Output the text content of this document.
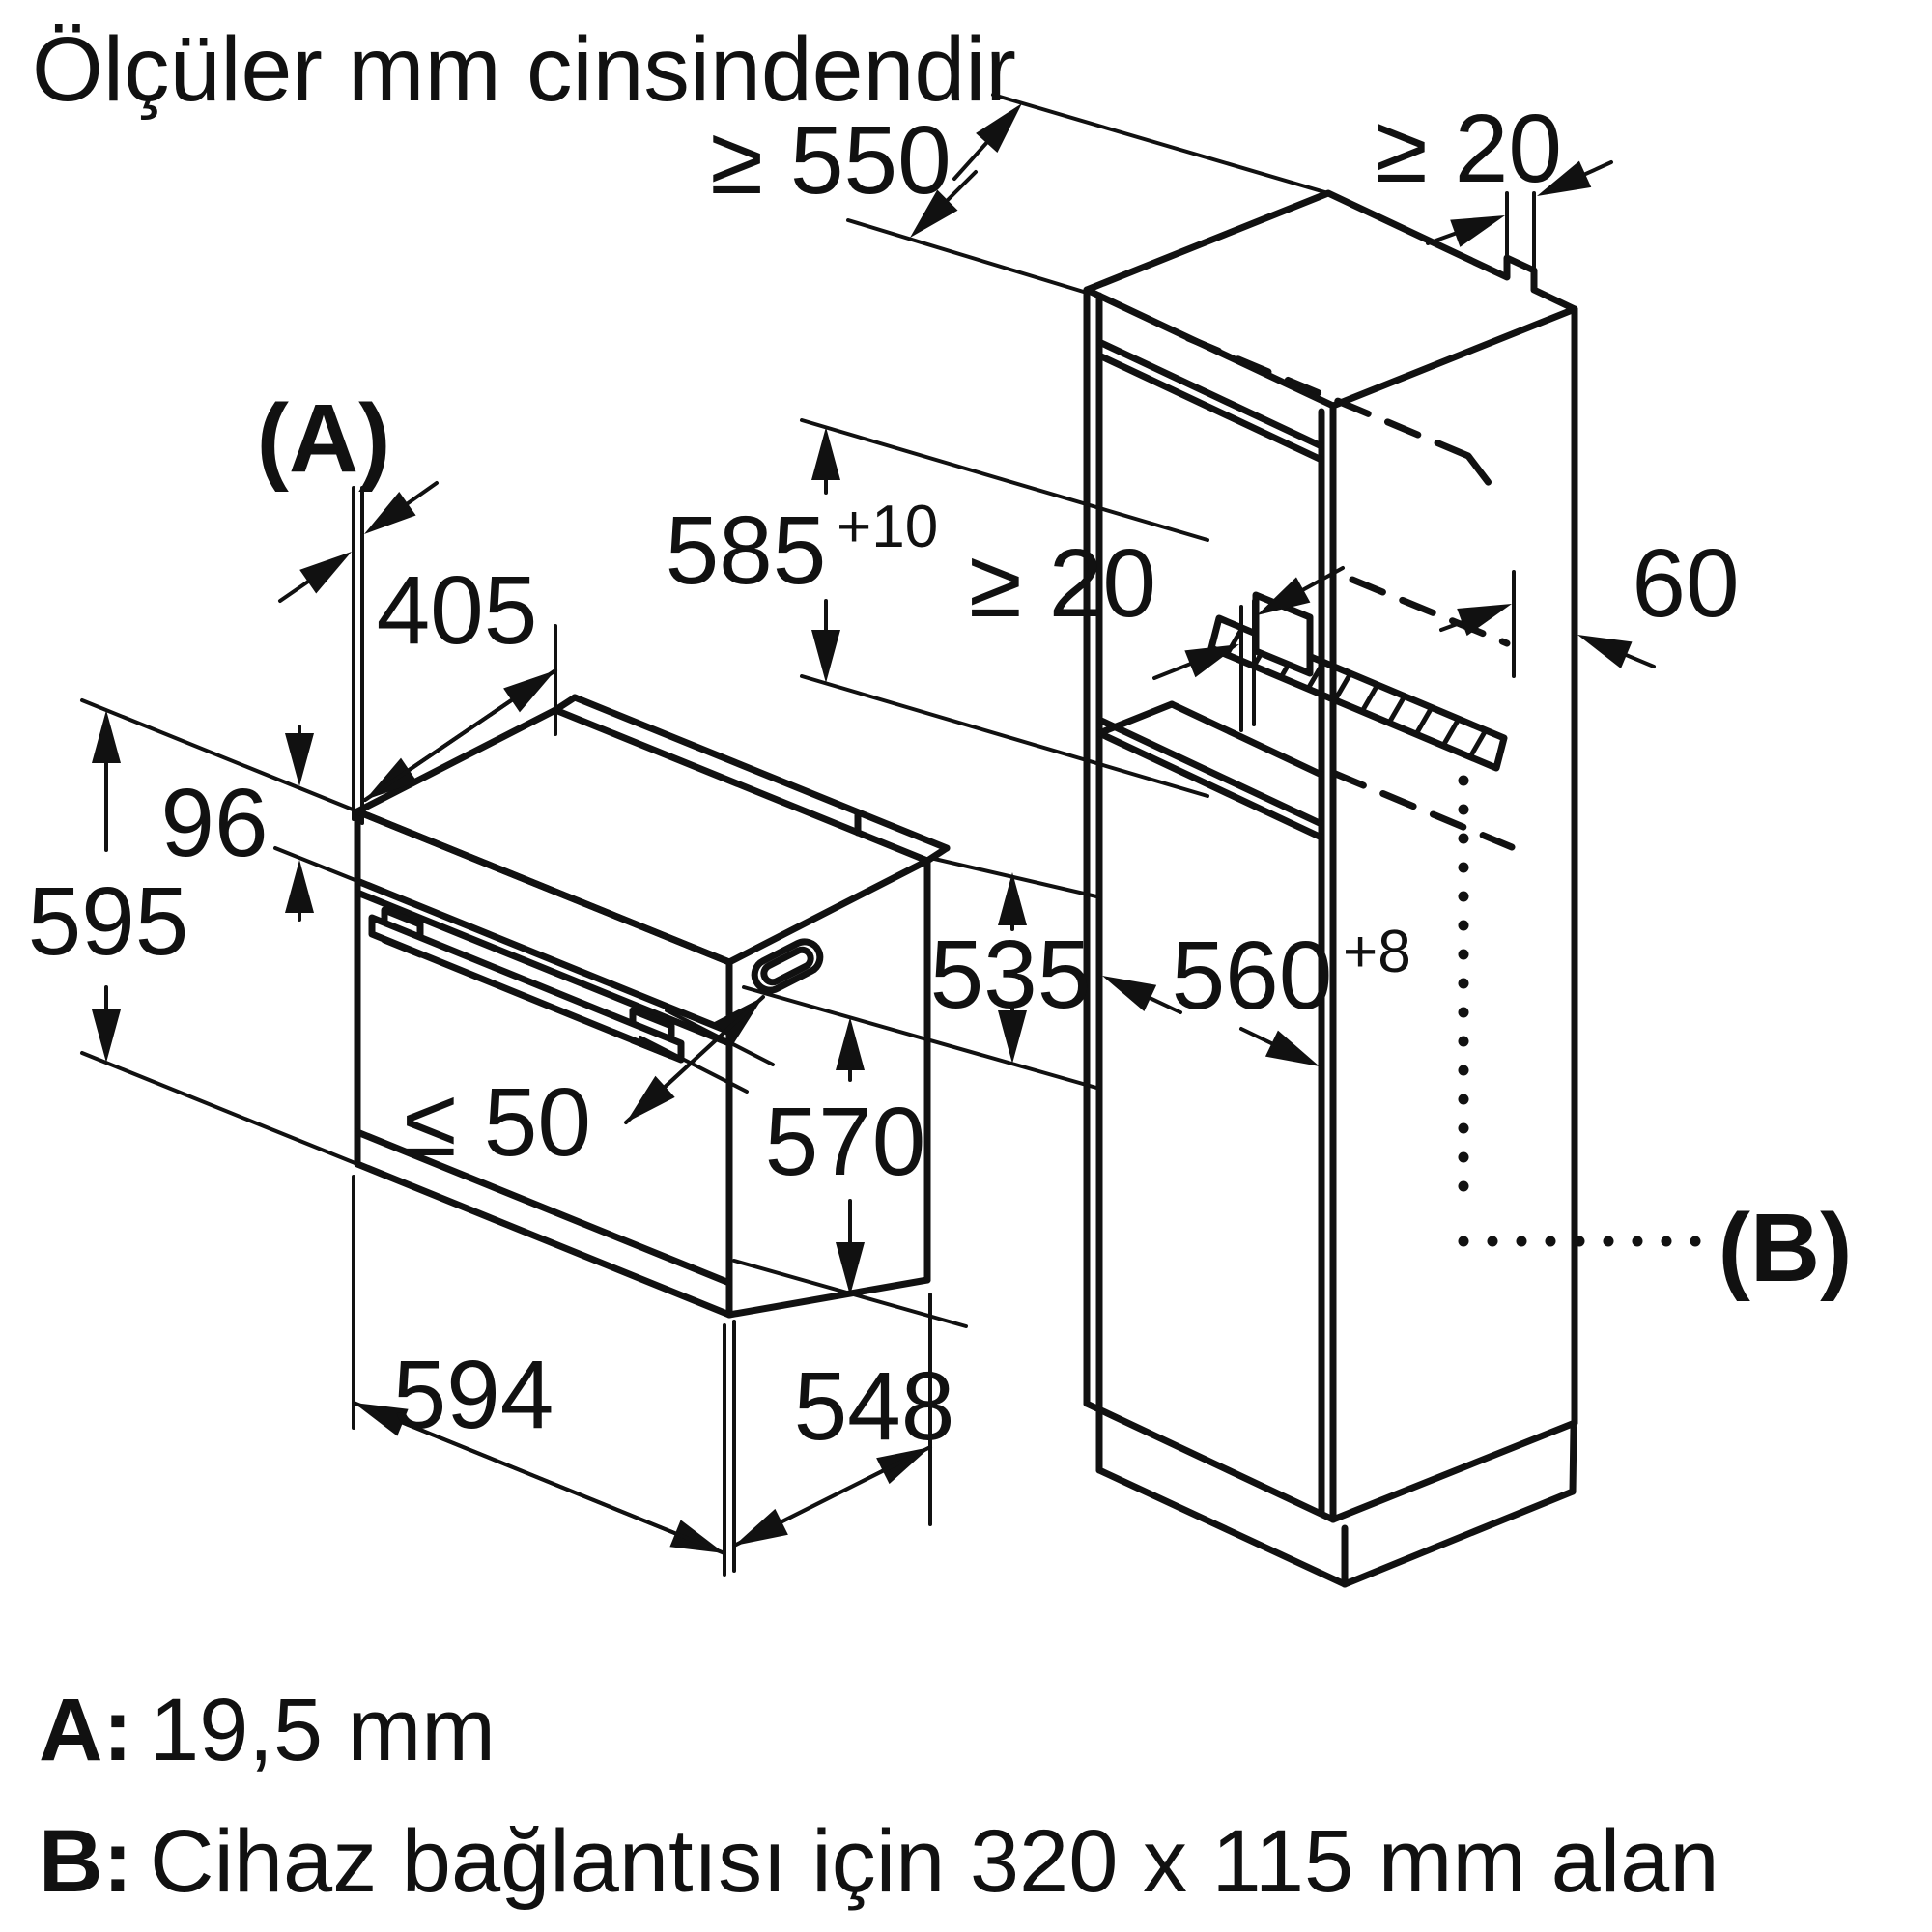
Ölçüler mm cinsindendir
(A)
405
96
595
≤ 50 570
535
594 548
≥ 550	≥ 20
585 +10
≥ 20	60
560 +8
(B)
A: 19,5 mm
B: Cihaz bağlantısı için 320 x 115 mm alan
